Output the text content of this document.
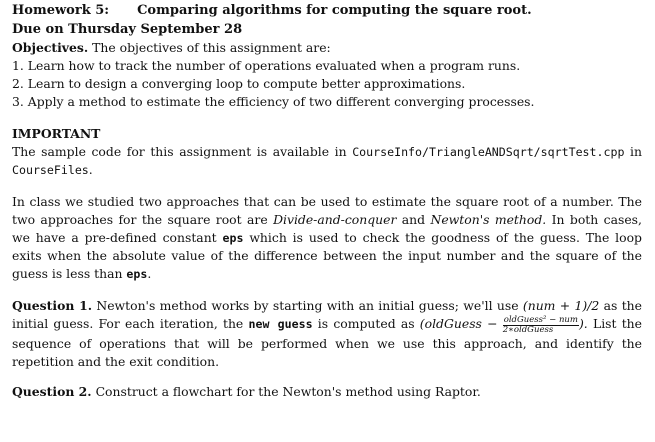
Homework 5: Comparing algorithms for computing the square root.
Due on Thursday September 28
Objectives. The objectives of this assignment are:
1. Learn how to track the number of operations evaluated when a program runs.
2. Learn to design a converging loop to compute better approximations.
3. Apply a method to estimate the efficiency of two different converging processes.
IMPORTANT

The sample code for this assignment is available in CourseInfo/TriangleANDSqrt/sqrtTest.cpp in CourseFiles.

In class we studied two approaches that can be used to estimate the square root of a number. The two approaches for the square root are Divide-and-conquer and Newton's method. In both cases, we have a pre-defined constant eps which is used to check the goodness of the guess. The loop exits when the absolute value of the difference between the input number and the square of the guess is less than eps.

Question 1. Newton's method works by starting with an initial guess; we'll use (num + 1)/2 as the initial guess. For each iteration, the new guess is computed as (oldGuess − $\frac{\text{oldGuess² − num}}{\text{2∗oldGuess}}$ ). List the sequence of operations that will be performed when we use this approach, and identify the repetition and the exit condition.

Question 2. Construct a flowchart for the Newton's method using Raptor.
